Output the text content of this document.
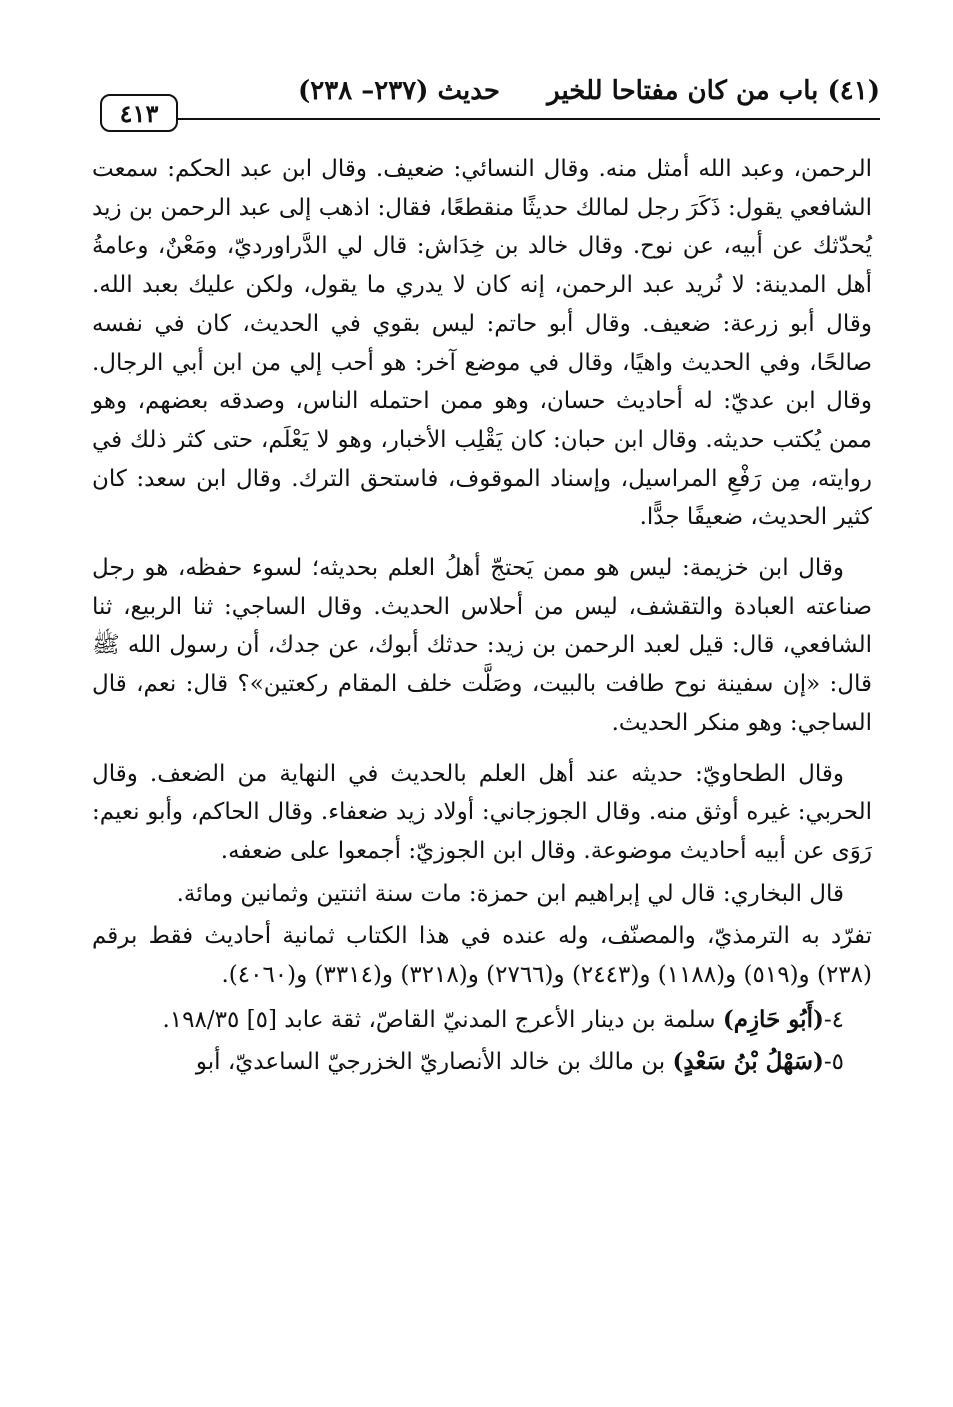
٤١٣
(٤١) باب من كان مفتاحا للخير
حديث (٢٣٧– ٢٣٨)

الرحمن، وعبد الله أمثل منه. وقال النسائي: ضعيف. وقال ابن عبد الحكم: سمعت الشافعي يقول: ذَكَرَ رجل لمالك حديثًا منقطعًا، فقال: اذهب إلى عبد الرحمن بن زيد يُحدّثك عن أبيه، عن نوح. وقال خالد بن خِدَاش: قال لي الدَّراورديّ، ومَعْنٌ، وعامةُ أهل المدينة: لا نُريد عبد الرحمن، إنه كان لا يدري ما يقول، ولكن عليك بعبد الله. وقال أبو زرعة: ضعيف. وقال أبو حاتم: ليس بقوي في الحديث، كان في نفسه صالحًا، وفي الحديث واهيًا، وقال في موضع آخر: هو أحب إلي من ابن أبي الرجال. وقال ابن عديّ: له أحاديث حسان، وهو ممن احتمله الناس، وصدقه بعضهم، وهو ممن يُكتب حديثه. وقال ابن حبان: كان يَقْلِب الأخبار، وهو لا يَعْلَم، حتى كثر ذلك في روايته، مِن رَفْعِ المراسيل، وإسناد الموقوف، فاستحق الترك. وقال ابن سعد: كان كثير الحديث، ضعيفًا جدًّا.

وقال ابن خزيمة: ليس هو ممن يَحتجّ أهلُ العلم بحديثه؛ لسوء حفظه، هو رجل صناعته العبادة والتقشف، ليس من أحلاس الحديث. وقال الساجي: ثنا الربيع، ثنا الشافعي، قال: قيل لعبد الرحمن بن زيد: حدثك أبوك، عن جدك، أن رسول الله ﷺ قال: «إن سفينة نوح طافت بالبيت، وصَلَّت خلف المقام ركعتين»؟ قال: نعم، قال الساجي: وهو منكر الحديث.

وقال الطحاويّ: حديثه عند أهل العلم بالحديث في النهاية من الضعف. وقال الحربي: غيره أوثق منه. وقال الجوزجاني: أولاد زيد ضعفاء. وقال الحاكم، وأبو نعيم: رَوَى عن أبيه أحاديث موضوعة. وقال ابن الجوزيّ: أجمعوا على ضعفه.

قال البخاري: قال لي إبراهيم ابن حمزة: مات سنة اثنتين وثمانين ومائة.

تفرّد به الترمذيّ، والمصنّف، وله عنده في هذا الكتاب ثمانية أحاديث فقط برقم (٢٣٨) و(٥١٩) و(١١٨٨) و(٢٤٤٣) و(٢٧٦٦) و(٣٢١٨) و(٣٣١٤) و(٤٠٦٠).

٤-(أَبُو حَازِم) سلمة بن دينار الأعرج المدنيّ القاصّ، ثقة عابد [٥] ١٩٨/٣٥.

٥-(سَهْلُ بْنُ سَعْدٍ) بن مالك بن خالد الأنصاريّ الخزرجيّ الساعديّ، أبو
